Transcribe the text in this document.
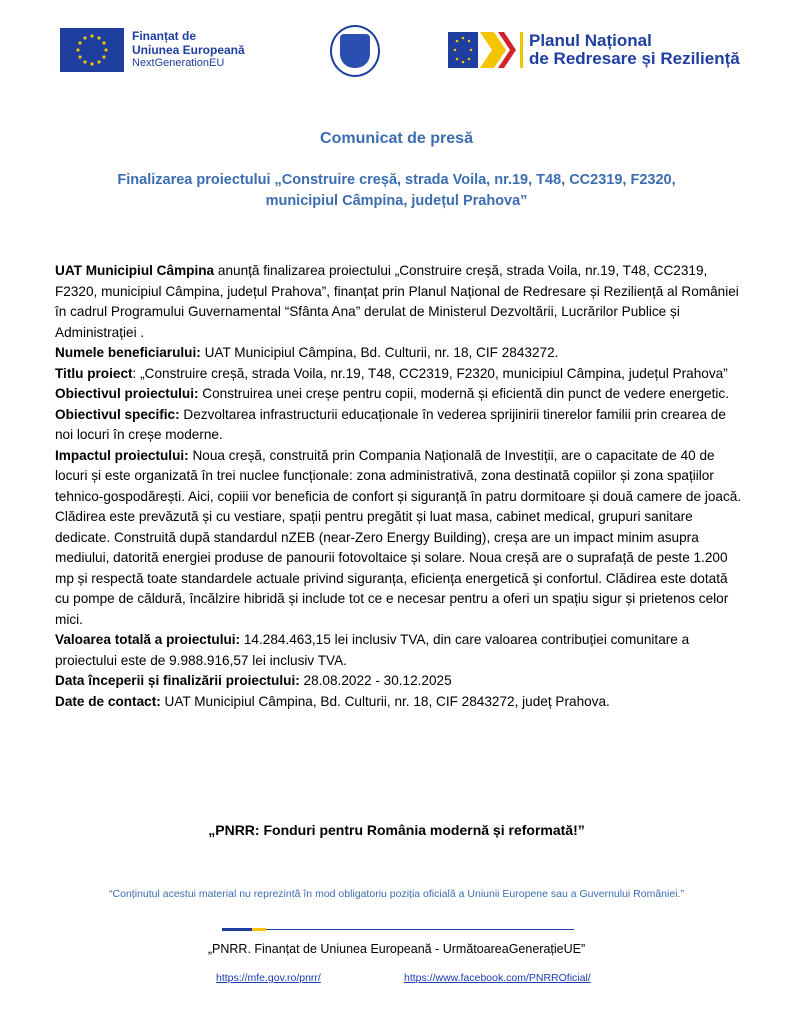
Finanțat de
Uniunea Europeană
NextGenerationEU
Planul Național
de Redresare și Reziliență
Comunicat de presă
Finalizarea proiectului „Construire creșă, strada Voila, nr.19, T48, CC2319, F2320, municipiul Câmpina, județul Prahova”

UAT Municipiul Câmpina anunță finalizarea proiectului „Construire creșă, strada Voila, nr.19, T48, CC2319, F2320, municipiul Câmpina, județul Prahova”, finanțat prin Planul Național de Redresare și Reziliență al României în cadrul Programului Guvernamental “Sfânta Ana” derulat de Ministerul Dezvoltării, Lucrărilor Publice și Administrației .

Numele beneficiarului: UAT Municipiul Câmpina, Bd. Culturii, nr. 18, CIF 2843272.

Titlu proiect: „Construire creșă, strada Voila, nr.19, T48, CC2319, F2320, municipiul Câmpina, județul Prahova”

Obiectivul proiectului: Construirea unei creșe pentru copii, modernă și eficientă din punct de vedere energetic.

Obiectivul specific: Dezvoltarea infrastructurii educaționale în vederea sprijinirii tinerelor familii prin crearea de noi locuri în creșe moderne.

Impactul proiectului: Noua creșă, construită prin Compania Națională de Investiții, are o capacitate de 40 de locuri și este organizată în trei nuclee funcționale: zona administrativă, zona destinată copiilor și zona spațiilor tehnico-gospodărești. Aici, copiii vor beneficia de confort și siguranță în patru dormitoare și două camere de joacă. Clădirea este prevăzută și cu vestiare, spații pentru pregătit și luat masa, cabinet medical, grupuri sanitare dedicate. Construită după standardul nZEB (near-Zero Energy Building), creșa are un impact minim asupra mediului, datorită energiei produse de panourii fotovoltaice și solare. Noua creșă are o suprafață de peste 1.200 mp și respectă toate standardele actuale privind siguranța, eficiența energetică și confortul. Clădirea este dotată cu pompe de căldură, încălzire hibridă și include tot ce e necesar pentru a oferi un spațiu sigur și prietenos celor mici.

Valoarea totală a proiectului: 14.284.463,15 lei inclusiv TVA, din care valoarea contribuției comunitare a proiectului este de 9.988.916,57 lei inclusiv TVA.

Data începerii și finalizării proiectului: 28.08.2022 - 30.12.2025

Date de contact: UAT Municipiul Câmpina, Bd. Culturii, nr. 18, CIF 2843272, județ Prahova.

„PNRR: Fonduri pentru România modernă și reformată!”
“Conținutul acestui material nu reprezintă în mod obligatoriu poziția oficială a Uniunii Europene sau a Guvernului României.”
„PNRR. Finanțat de Uniunea Europeană - UrmătoareaGenerațieUE”
https://mfe.gov.ro/pnrr/	https://www.facebook.com/PNRROficial/
